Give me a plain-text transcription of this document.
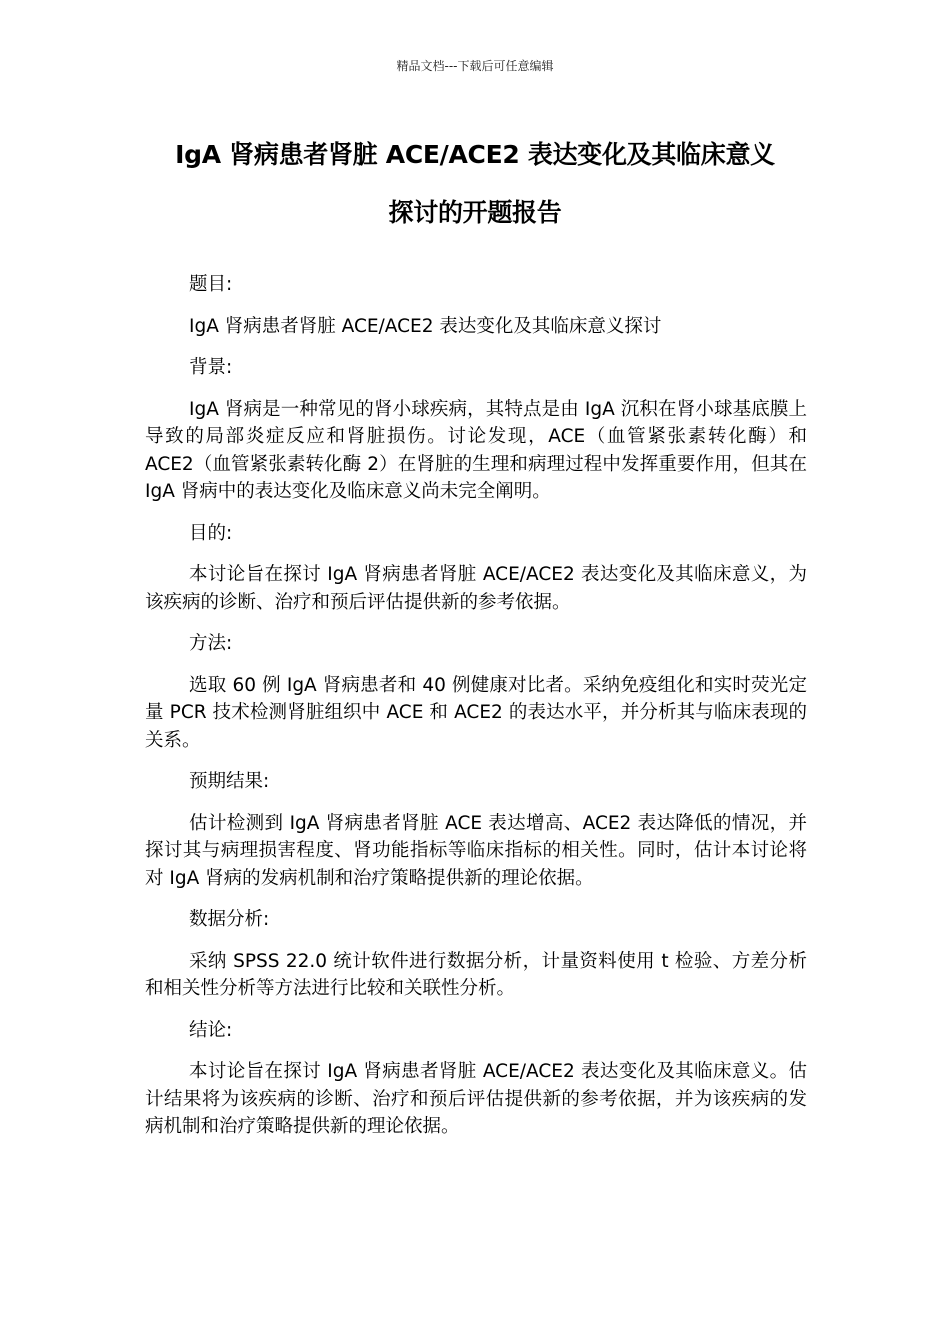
精品文档---下载后可任意编辑
IgA 肾病患者肾脏 ACE/ACE2 表达变化及其临床意义
探讨的开题报告

题目:

IgA 肾病患者肾脏 ACE/ACE2 表达变化及其临床意义探讨

背景:

IgA 肾病是一种常见的肾小球疾病，其特点是由 IgA 沉积在肾小球基底膜上导致的局部炎症反应和肾脏损伤。讨论发现，ACE（血管紧张素转化酶）和 ACE2（血管紧张素转化酶 2）在肾脏的生理和病理过程中发挥重要作用，但其在 IgA 肾病中的表达变化及临床意义尚未完全阐明。

目的:

本讨论旨在探讨 IgA 肾病患者肾脏 ACE/ACE2 表达变化及其临床意义，为该疾病的诊断、治疗和预后评估提供新的参考依据。

方法:

选取 60 例 IgA 肾病患者和 40 例健康对比者。采纳免疫组化和实时荧光定量 PCR 技术检测肾脏组织中 ACE 和 ACE2 的表达水平，并分析其与临床表现的关系。

预期结果:

估计检测到 IgA 肾病患者肾脏 ACE 表达增高、ACE2 表达降低的情况，并探讨其与病理损害程度、肾功能指标等临床指标的相关性。同时，估计本讨论将对 IgA 肾病的发病机制和治疗策略提供新的理论依据。

数据分析:

采纳 SPSS 22.0 统计软件进行数据分析，计量资料使用 t 检验、方差分析和相关性分析等方法进行比较和关联性分析。

结论:

本讨论旨在探讨 IgA 肾病患者肾脏 ACE/ACE2 表达变化及其临床意义。估计结果将为该疾病的诊断、治疗和预后评估提供新的参考依据，并为该疾病的发病机制和治疗策略提供新的理论依据。
